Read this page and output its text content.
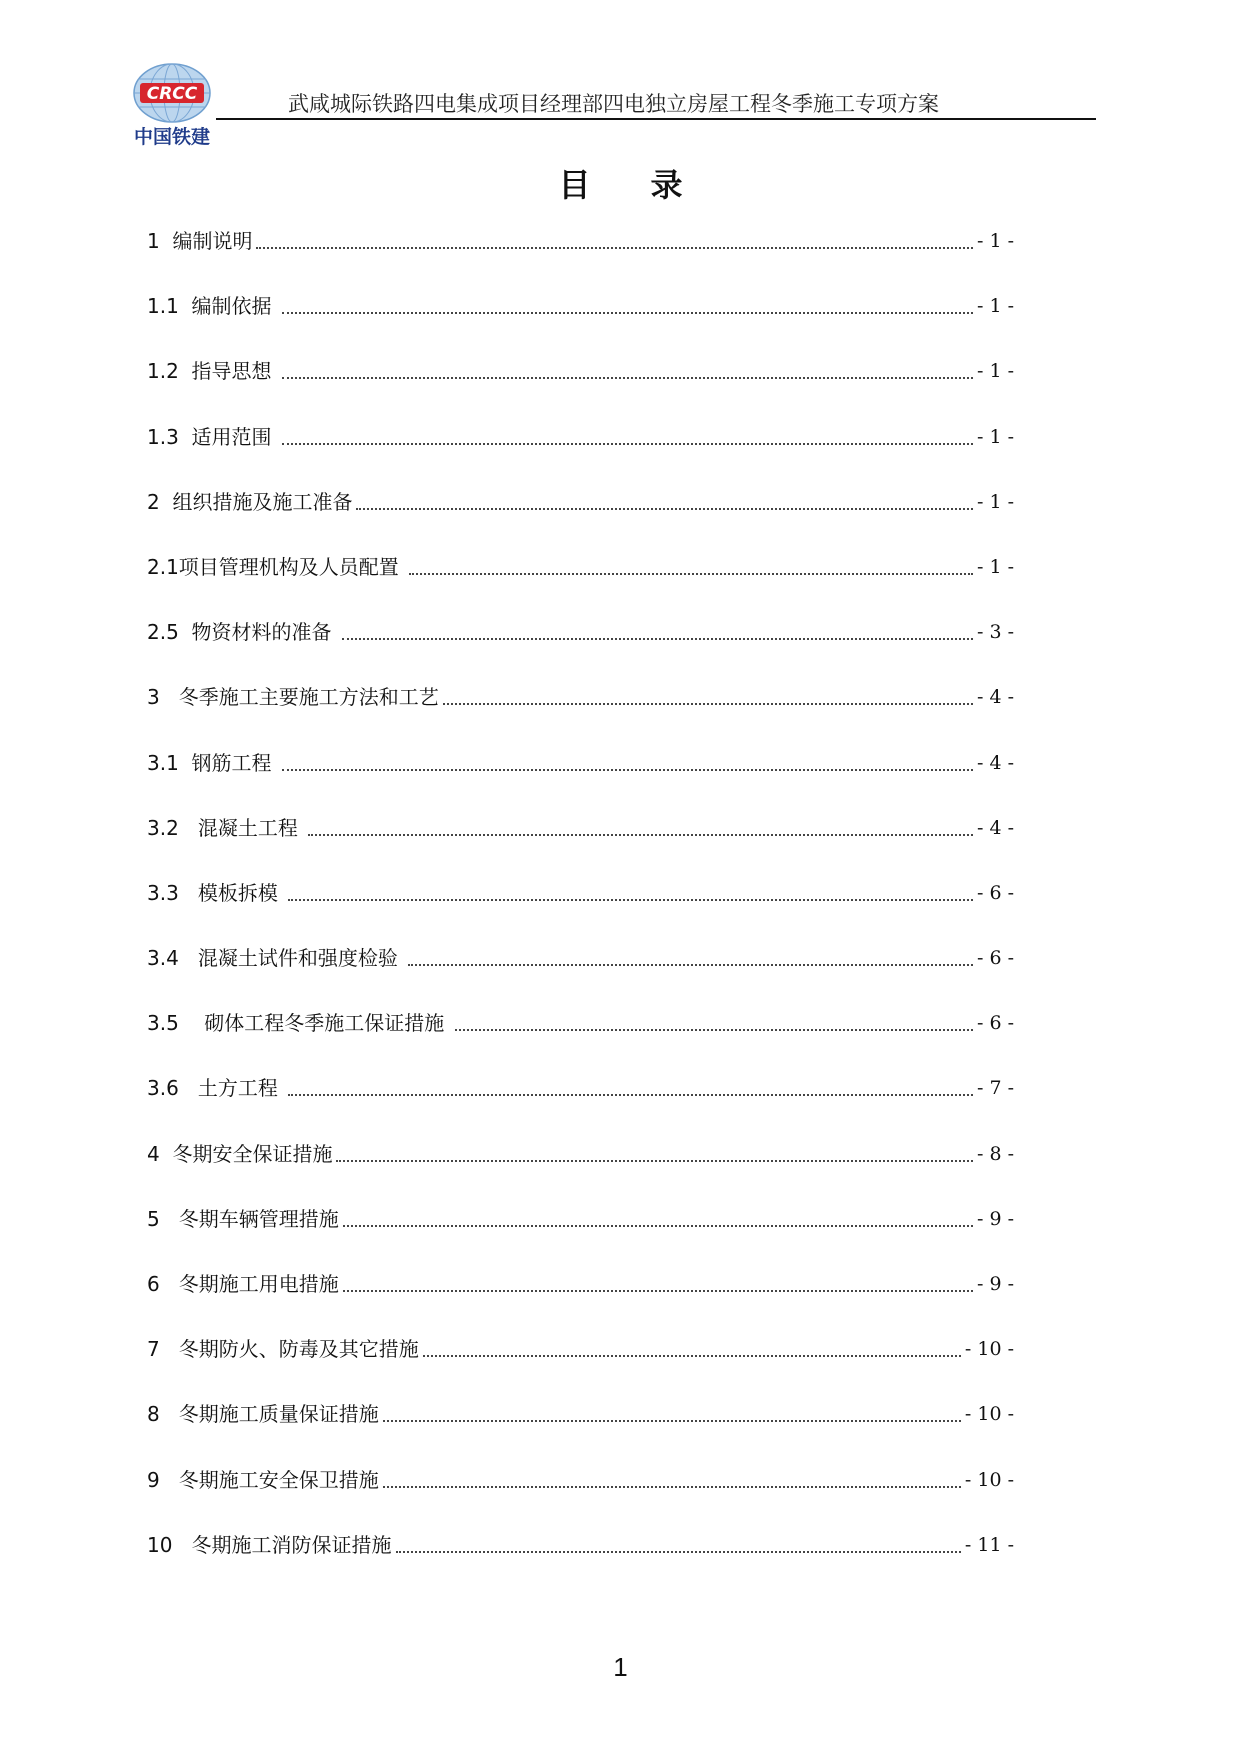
CRCC
中国铁建
武咸城际铁路四电集成项目经理部四电独立房屋工程冬季施工专项方案
目录
1  编制说明	- 1 -
1.1  编制依据	- 1 -
1.2  指导思想	- 1 -
1.3  适用范围	- 1 -
2  组织措施及施工准备	- 1 -
2.1项目管理机构及人员配置	- 1 -
2.5  物资材料的准备	- 3 -
3   冬季施工主要施工方法和工艺	- 4 -
3.1  钢筋工程	- 4 -
3.2   混凝土工程	- 4 -
3.3   模板拆模	- 6 -
3.4   混凝土试件和强度检验	- 6 -
3.5    砌体工程冬季施工保证措施	- 6 -
3.6   土方工程	- 7 -
4  冬期安全保证措施	- 8 -
5   冬期车辆管理措施	- 9 -
6   冬期施工用电措施	- 9 -
7   冬期防火、防毒及其它措施	- 10 -
8   冬期施工质量保证措施	- 10 -
9   冬期施工安全保卫措施	- 10 -
10   冬期施工消防保证措施	- 11 -
1
